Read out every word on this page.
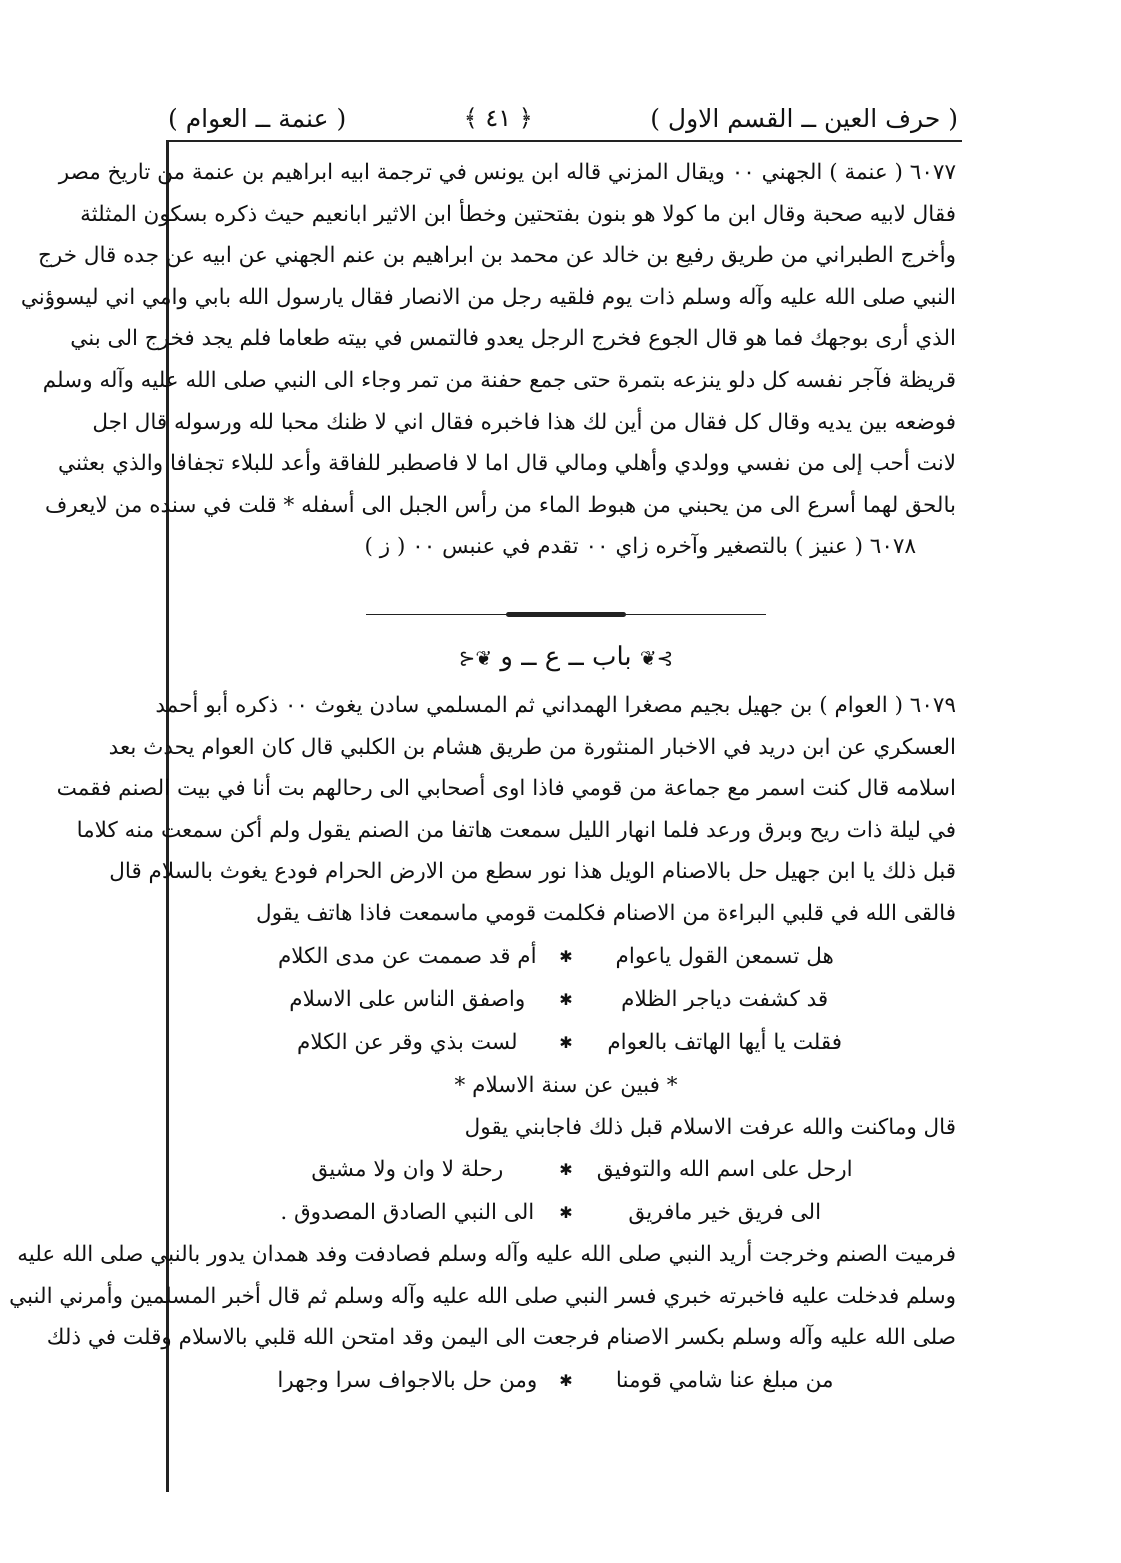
( حرف العين ــ القسم الاول )
﴿ ٤١ ﴾
( عنمة ــ العوام )

٦٠٧٧ ( عنمة ) الجهني ٠٠ ويقال المزني قاله ابن يونس في ترجمة ابيه ابراهيم بن عنمة من تاريخ مصر
فقال لابيه صحبة وقال ابن ما كولا هو بنون بفتحتين وخطأ ابن الاثير ابانعيم حيث ذكره بسكون المثلثة
وأخرج الطبراني من طريق رفيع بن خالد عن محمد بن ابراهيم بن عنم الجهني عن ابيه عن جده قال خرج
النبي صلى الله عليه وآله وسلم ذات يوم فلقيه رجل من الانصار فقال يارسول الله بابي وامي اني ليسوؤني
الذي أرى بوجهك فما هو قال الجوع فخرج الرجل يعدو فالتمس في بيته طعاما فلم يجد فخرج الى بني
قريظة فآجر نفسه كل دلو ينزعه بتمرة حتى جمع حفنة من تمر وجاء الى النبي صلى الله عليه وآله وسلم
فوضعه بين يديه وقال كل فقال من أين لك هذا فاخبره فقال اني لا ظنك محبا لله ورسوله قال اجل
لانت أحب إلى من نفسي وولدي وأهلي ومالي قال اما لا فاصطبر للفاقة وأعد للبلاء تجفافا والذي بعثني
بالحق لهما أسرع الى من يحبني من هبوط الماء من رأس الجبل الى أسفله * قلت في سنده من لايعرف

٦٠٧٨ ( عنيز ) بالتصغير وآخره زاي ٠٠ تقدم في عنبس ٠٠ ( ز )

⊱❦ باب ــ ع ــ و ❦⊰

٦٠٧٩ ( العوام ) بن جهيل بجيم مصغرا الهمداني ثم المسلمي سادن يغوث ٠٠ ذكره أبو أحمد
العسكري عن ابن دريد في الاخبار المنثورة من طريق هشام بن الكلبي قال كان العوام يحدث بعد
اسلامه قال كنت اسمر مع جماعة من قومي فاذا اوى أصحابي الى رحالهم بت أنا في بيت الصنم فقمت
في ليلة ذات ريح وبرق ورعد فلما انهار الليل سمعت هاتفا من الصنم يقول ولم أكن سمعت منه كلاما
قبل ذلك يا ابن جهيل حل بالاصنام الويل هذا نور سطع من الارض الحرام فودع يغوث بالسلام قال
فالقى الله في قلبي البراءة من الاصنام فكلمت قومي ماسمعت فاذا هاتف يقول

هل تسمعن القول ياعوام
✱
أم قد صممت عن مدى الكلام
قد كشفت دياجر الظلام
✱
واصفق الناس على الاسلام
فقلت يا أيها الهاتف بالعوام
✱
لست بذي وقر عن الكلام
* فبين عن سنة الاسلام *

قال وماكنت والله عرفت الاسلام قبل ذلك فاجابني يقول

ارحل على اسم الله والتوفيق
✱
رحلة لا وان ولا مشيق
الى فريق خير مافريق
✱
الى النبي الصادق المصدوق .

فرميت الصنم وخرجت أريد النبي صلى الله عليه وآله وسلم فصادفت وفد همدان يدور بالنبي صلى الله عليه
وسلم فدخلت عليه فاخبرته خبري فسر النبي صلى الله عليه وآله وسلم ثم قال أخبر المسلمين وأمرني النبي
صلى الله عليه وآله وسلم بكسر الاصنام فرجعت الى اليمن وقد امتحن الله قلبي بالاسلام وقلت في ذلك

من مبلغ عنا شامي قومنا
✱
ومن حل بالاجواف سرا وجهرا
